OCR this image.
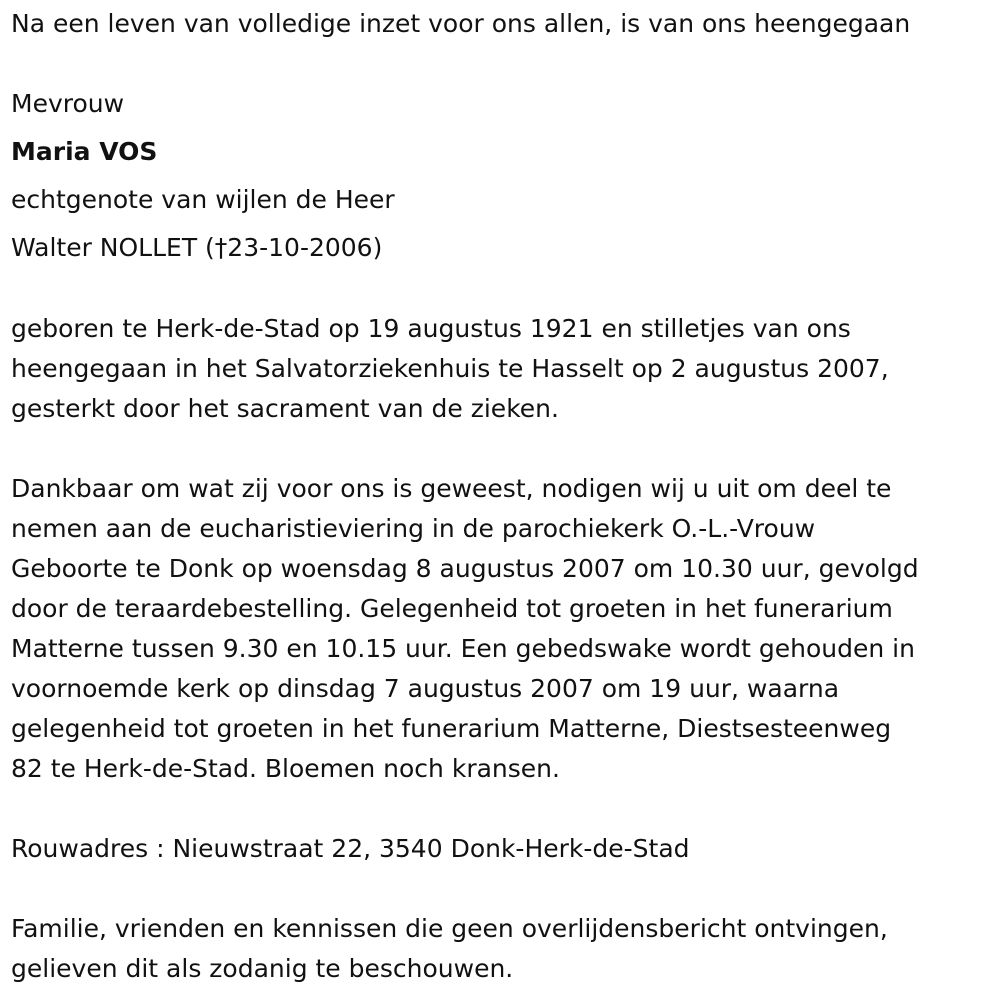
Na een leven van volledige inzet voor ons allen, is van ons heengegaan
Mevrouw
Maria VOS
echtgenote van wijlen de Heer
Walter NOLLET (†23-10-2006)

geboren te Herk-de-Stad op 19 augustus 1921 en stilletjes van ons
heengegaan in het Salvatorziekenhuis te Hasselt op 2 augustus 2007,
gesterkt door het sacrament van de zieken.

Dankbaar om wat zij voor ons is geweest, nodigen wij u uit om deel te
nemen aan de eucharistieviering in de parochiekerk O.-L.-Vrouw
Geboorte te Donk op woensdag 8 augustus 2007 om 10.30 uur, gevolgd
door de teraardebestelling. Gelegenheid tot groeten in het funerarium
Matterne tussen 9.30 en 10.15 uur. Een gebedswake wordt gehouden in
voornoemde kerk op dinsdag 7 augustus 2007 om 19 uur, waarna
gelegenheid tot groeten in het funerarium Matterne, Diestsesteenweg
82 te Herk-de-Stad. Bloemen noch kransen.

Rouwadres : Nieuwstraat 22, 3540 Donk-Herk-de-Stad

Familie, vrienden en kennissen die geen overlijdensbericht ontvingen,
gelieven dit als zodanig te beschouwen.
